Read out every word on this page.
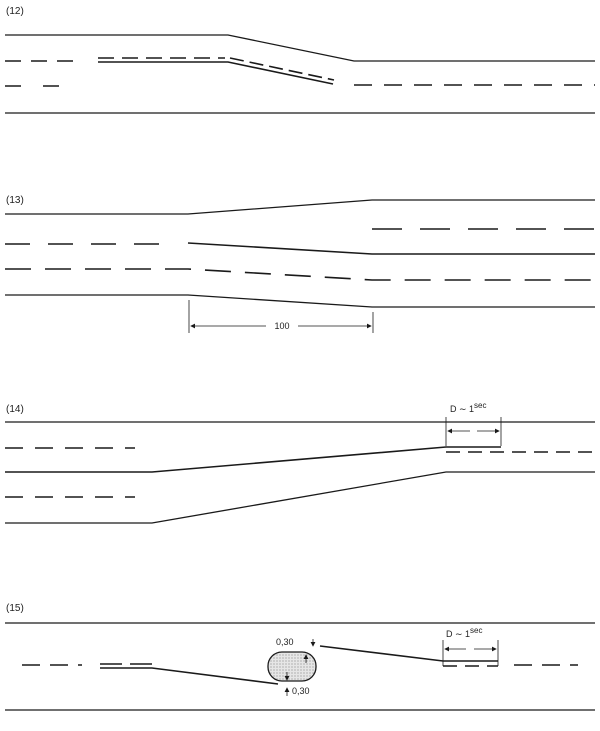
(12)
(13)
100
(14)	D ∼ 1sec
(15)
D ∼ 1sec
0,30
0,30
